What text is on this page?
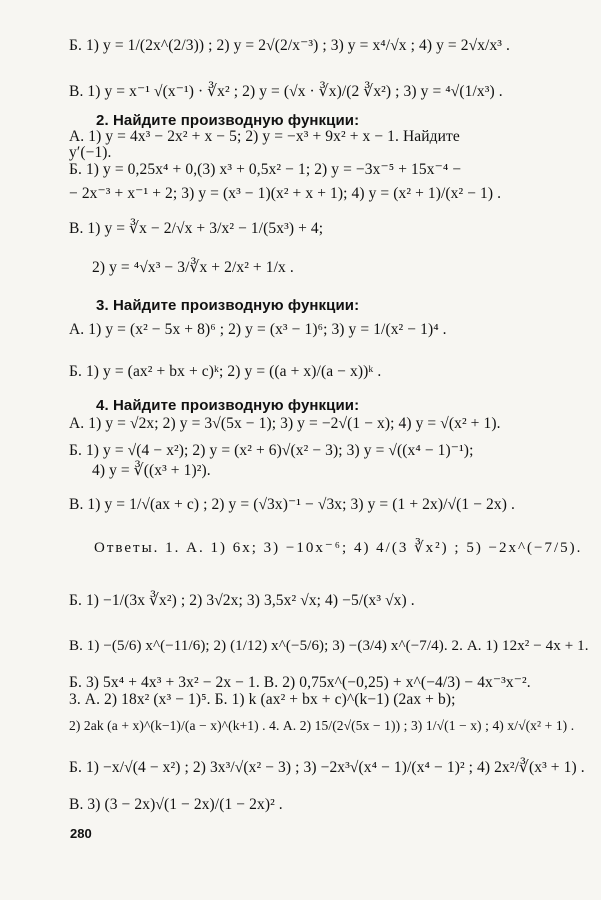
Б. 1) y = 1/(2x^(2/3)) ; 2) y = 2√(2/x⁻³) ; 3) y = x⁴/√x ; 4) y = 2√x/x³ .
В. 1) y = x⁻¹ √(x⁻¹) · ∛x² ; 2) y = (√x · ∛x)/(2 ∛x²) ; 3) y = ⁴√(1/x³) .
2. Найдите производную функции:
А. 1) y = 4x³ − 2x² + x − 5; 2) y = −x³ + 9x² + x − 1. Найдите
y′(−1).
Б. 1) y = 0,25x⁴ + 0,(3) x³ + 0,5x² − 1; 2) y = −3x⁻⁵ + 15x⁻⁴ −
− 2x⁻³ + x⁻¹ + 2; 3) y = (x³ − 1)(x² + x + 1); 4) y = (x² + 1)/(x² − 1) .
В. 1) y = ∛x − 2/√x + 3/x² − 1/(5x³) + 4;
2) y = ⁴√x³ − 3/∛x + 2/x² + 1/x .
3. Найдите производную функции:
А. 1) y = (x² − 5x + 8)⁶ ; 2) y = (x³ − 1)⁶; 3) y = 1/(x² − 1)⁴ .
Б. 1) y = (ax² + bx + c)ᵏ; 2) y = ((a + x)/(a − x))ᵏ .
4. Найдите производную функции:
А. 1) y = √2x; 2) y = 3√(5x − 1); 3) y = −2√(1 − x); 4) y = √(x² + 1).
Б. 1) y = √(4 − x²); 2) y = (x² + 6)√(x² − 3); 3) y = √((x⁴ − 1)⁻¹);
4) y = ∛((x³ + 1)²).
В. 1) y = 1/√(ax + c) ; 2) y = (√3x)⁻¹ − √3x; 3) y = (1 + 2x)/√(1 − 2x) .
Ответы. 1. А. 1) 6x; 3) −10x⁻⁶; 4) 4/(3 ∛x²) ; 5) −2x^(−7/5).
Б. 1) −1/(3x ∛x²) ; 2) 3√2x; 3) 3,5x² √x; 4) −5/(x³ √x) .
В. 1) −(5/6) x^(−11/6); 2) (1/12) x^(−5/6); 3) −(3/4) x^(−7/4). 2. А. 1) 12x² − 4x + 1.
Б. 3) 5x⁴ + 4x³ + 3x² − 2x − 1. В. 2) 0,75x^(−0,25) + x^(−4/3) − 4x⁻³x⁻².
3. А. 2) 18x² (x³ − 1)⁵. Б. 1) k (ax² + bx + c)^(k−1) (2ax + b);
2) 2ak (a + x)^(k−1)/(a − x)^(k+1) . 4. А. 2) 15/(2√(5x − 1)) ; 3) 1/√(1 − x) ; 4) x/√(x² + 1) .
Б. 1) −x/√(4 − x²) ; 2) 3x³/√(x² − 3) ; 3) −2x³√(x⁴ − 1)/(x⁴ − 1)² ; 4) 2x²/∛(x³ + 1) .
В. 3) (3 − 2x)√(1 − 2x)/(1 − 2x)² .
280
